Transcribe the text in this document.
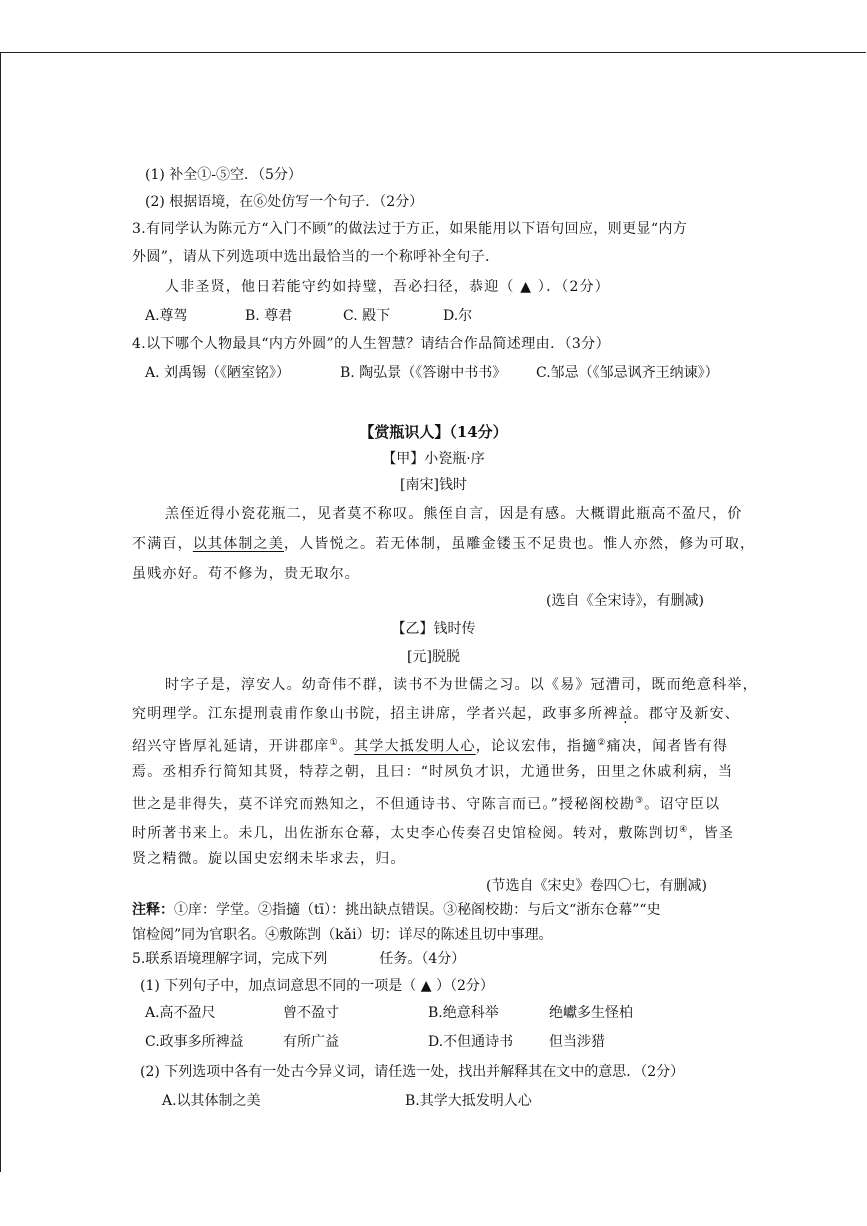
(1) 补全①-⑤空．（5分）
(2) 根据语境，在⑥处仿写一个句子．（2分）
3.有同学认为陈元方“入门不顾”的做法过于方正，如果能用以下语句回应，则更显“内方
外圆”，请从下列选项中选出最恰当的一个称呼补全句子．
人非圣贤，他日若能守约如持璧，吾必扫径，恭迎（ ▲ ）．（2分）
A.尊驾	B. 尊君	C. 殿下	D.尔
4.以下哪个人物最具“内方外圆”的人生智慧？请结合作品简述理由．（3分）
A. 刘禹锡（《陋室铭》）	B. 陶弘景（《答谢中书书》 C.邹忌（《邹忌讽齐王纳谏》）
【赏瓶识人】（14分）
【甲】小瓷瓶·序
[南宋]钱时
羔侄近得小瓷花瓶二，见者莫不称叹。熊侄自言，因是有感。大概谓此瓶高不盈尺，价
不满百，以其体制之美，人皆悦之。若无体制，虽雕金镂玉不足贵也。惟人亦然，修为可取，
虽贱亦好。苟不修为，贵无取尔。
(选自《全宋诗》，有删减)
【乙】钱时传
[元]脱脱
时字子是，淳安人。幼奇伟不群，读书不为世儒之习。以《易》冠漕司，既而绝意科举，
究明理学。江东提刑袁甫作象山书院，招主讲席，学者兴起，政事多所裨益。郡守及新安、
绍兴守皆厚礼延请，开讲郡庠①。其学大抵发明人心，论议宏伟，指擿②痛决，闻者皆有得
焉。丞相乔行简知其贤，特荐之朝，且曰：“时夙负才识，尤通世务，田里之休戚利病，当
世之是非得失，莫不详究而熟知之，不但通诗书、守陈言而已。”授秘阁校勘③。诏守臣以
时所著书来上。未几，出佐浙东仓幕，太史李心传奏召史馆检阅。转对，敷陈剀切④，皆圣
贤之精微。旋以国史宏纲未毕求去，归。
(节选自《宋史》卷四〇七，有删减)
注释：①庠：学堂。②指擿（tī）：挑出缺点错误。③秘阁校勘：与后文“浙东仓幕”“史
馆检阅”同为官职名。④敷陈剀（kǎi）切：详尽的陈述且切中事理。
5.联系语境理解字词，完成下列	任务。（4分）
(1) 下列句子中，加点词意思不同的一项是（ ▲ ）（2分）
A.高不盈尺	曾不盈寸	B.绝意科举	绝巘多生怪柏
C.政事多所裨益	有所广益	D.不但通诗书	但当涉猎
(2) 下列选项中各有一处古今异义词，请任选一处，找出并解释其在文中的意思．（2分）
A.以其体制之美	B.其学大抵发明人心
